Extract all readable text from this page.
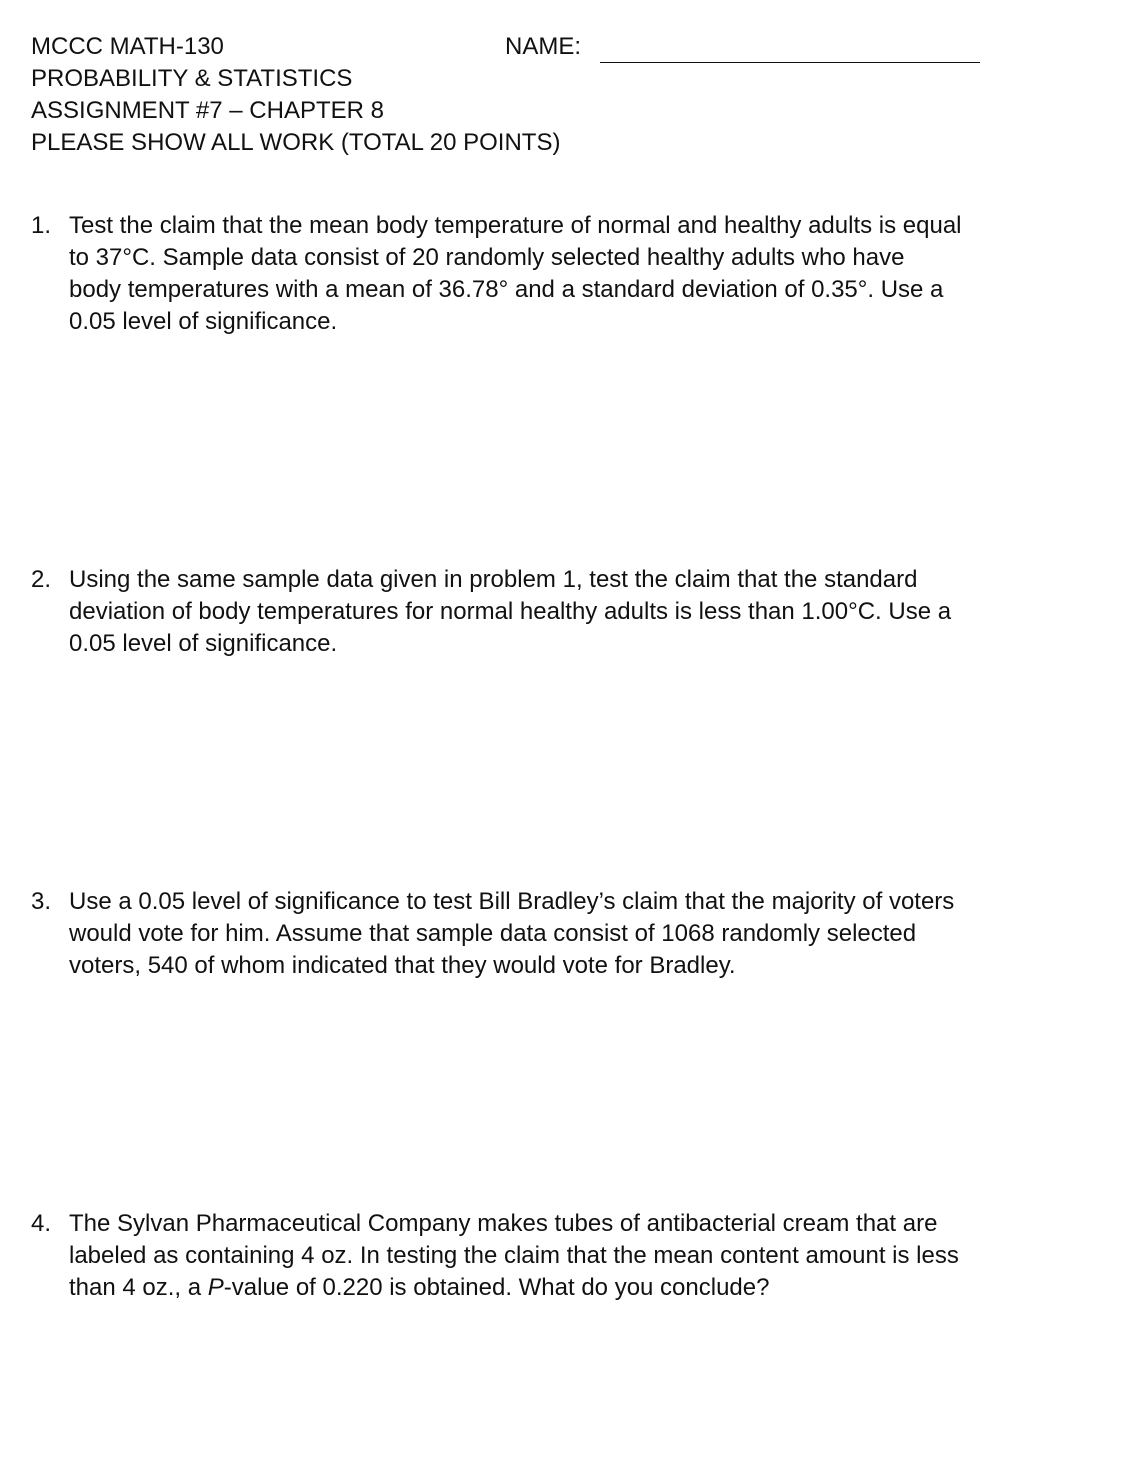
MCCC MATH-130
PROBABILITY & STATISTICS
ASSIGNMENT #7 – CHAPTER 8
PLEASE SHOW ALL WORK (TOTAL 20 POINTS)
NAME:
1. Test the claim that the mean body temperature of normal and healthy adults is equal
to 37°C. Sample data consist of 20 randomly selected healthy adults who have
body temperatures with a mean of 36.78° and a standard deviation of 0.35°. Use a
0.05 level of significance.
2. Using the same sample data given in problem 1, test the claim that the standard
deviation of body temperatures for normal healthy adults is less than 1.00°C. Use a
0.05 level of significance.
3. Use a 0.05 level of significance to test Bill Bradley’s claim that the majority of voters
would vote for him. Assume that sample data consist of 1068 randomly selected
voters, 540 of whom indicated that they would vote for Bradley.
4. The Sylvan Pharmaceutical Company makes tubes of antibacterial cream that are
labeled as containing 4 oz. In testing the claim that the mean content amount is less
than 4 oz., a P-value of 0.220 is obtained. What do you conclude?
